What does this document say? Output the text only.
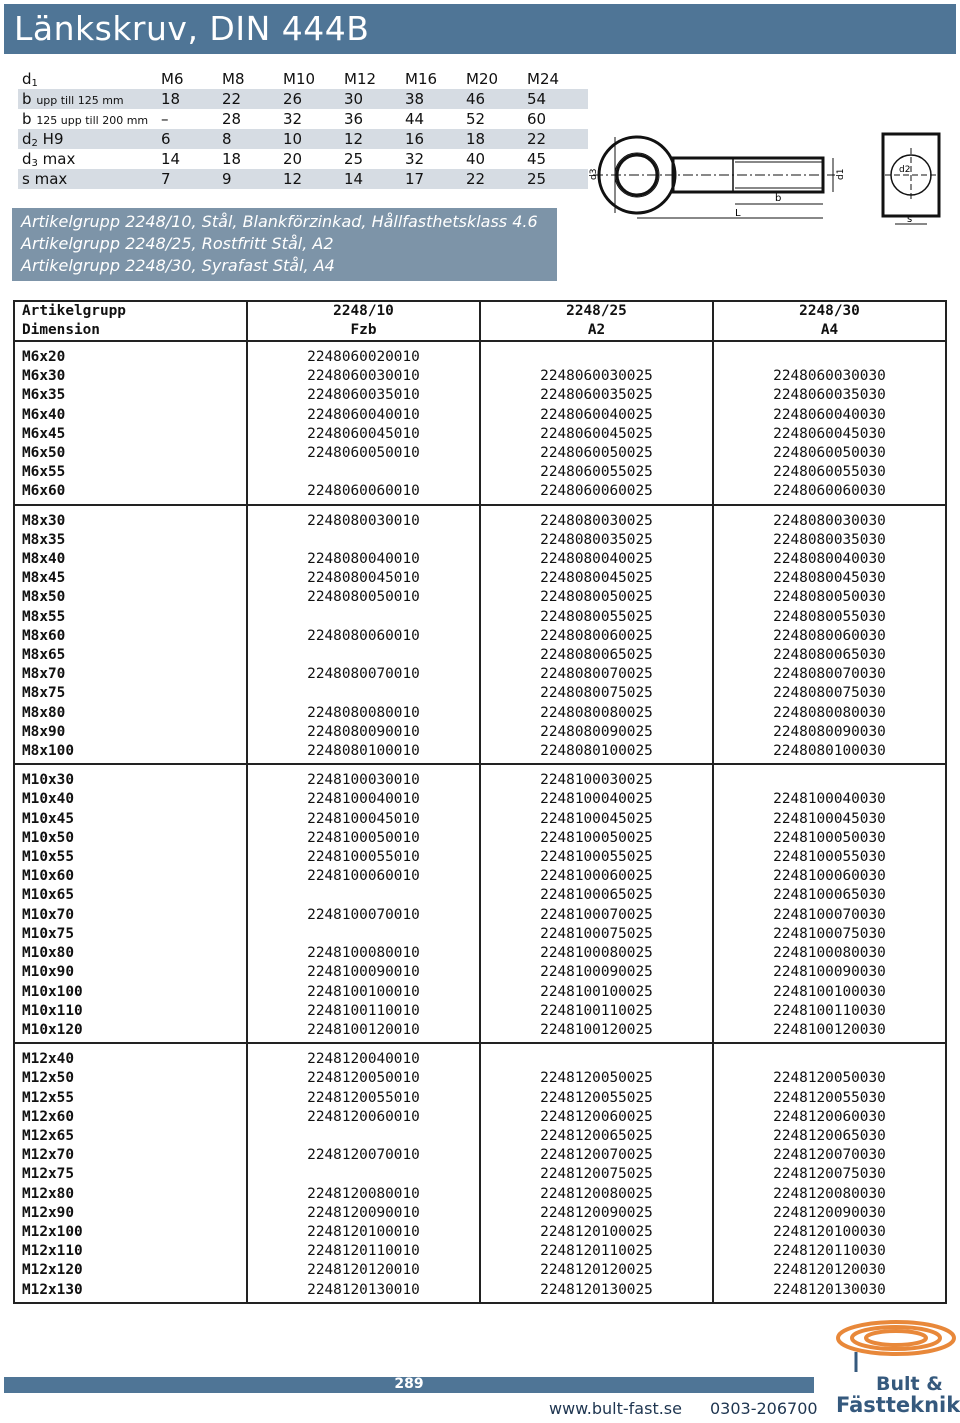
Länkskruv, DIN 444B
$d_1$	M6	M8	M10	M12	M16	M20	M24
b upp till 125 mm	18	22	26	30	38	46	54
b 125 upp till 200 mm	–	28	32	36	44	52	60
$d_2$ H9	6	8	10	12	16	18	22
$d_3$ max	14	18	20	25	32	40	45
s max	7	9	12	14	17	22	25
Artikelgrupp 2248/10, Stål, Blankförzinkad, Hållfasthetsklass 4.6
Artikelgrupp 2248/25, Rostfritt Stål, A2
Artikelgrupp 2248/30, Syrafast Stål, A4
d3	d1
b
L
s
d2
Artikelgrupp	2248/10	2248/25	2248/30
Dimension	Fzb	A2	A4
M6x20	2248060020010		
M6x30	2248060030010	2248060030025	2248060030030
M6x35	2248060035010	2248060035025	2248060035030
M6x40	2248060040010	2248060040025	2248060040030
M6x45	2248060045010	2248060045025	2248060045030
M6x50	2248060050010	2248060050025	2248060050030
M6x55		2248060055025	2248060055030
M6x60	2248060060010	2248060060025	2248060060030
M8x30	2248080030010	2248080030025	2248080030030
M8x35		2248080035025	2248080035030
M8x40	2248080040010	2248080040025	2248080040030
M8x45	2248080045010	2248080045025	2248080045030
M8x50	2248080050010	2248080050025	2248080050030
M8x55		2248080055025	2248080055030
M8x60	2248080060010	2248080060025	2248080060030
M8x65		2248080065025	2248080065030
M8x70	2248080070010	2248080070025	2248080070030
M8x75		2248080075025	2248080075030
M8x80	2248080080010	2248080080025	2248080080030
M8x90	2248080090010	2248080090025	2248080090030
M8x100	2248080100010	2248080100025	2248080100030
M10x30	2248100030010	2248100030025	
M10x40	2248100040010	2248100040025	2248100040030
M10x45	2248100045010	2248100045025	2248100045030
M10x50	2248100050010	2248100050025	2248100050030
M10x55	2248100055010	2248100055025	2248100055030
M10x60	2248100060010	2248100060025	2248100060030
M10x65		2248100065025	2248100065030
M10x70	2248100070010	2248100070025	2248100070030
M10x75		2248100075025	2248100075030
M10x80	2248100080010	2248100080025	2248100080030
M10x90	2248100090010	2248100090025	2248100090030
M10x100	2248100100010	2248100100025	2248100100030
M10x110	2248100110010	2248100110025	2248100110030
M10x120	2248100120010	2248100120025	2248100120030
M12x40	2248120040010		
M12x50	2248120050010	2248120050025	2248120050030
M12x55	2248120055010	2248120055025	2248120055030
M12x60	2248120060010	2248120060025	2248120060030
M12x65		2248120065025	2248120065030
M12x70	2248120070010	2248120070025	2248120070030
M12x75		2248120075025	2248120075030
M12x80	2248120080010	2248120080025	2248120080030
M12x90	2248120090010	2248120090025	2248120090030
M12x100	2248120100010	2248120100025	2248120100030
M12x110	2248120110010	2248120110025	2248120110030
M12x120	2248120120010	2248120120025	2248120120030
M12x130	2248120130010	2248120130025	2248120130030
289
www.bult-fast.se 0303-206700
Bult &
Fästteknik
